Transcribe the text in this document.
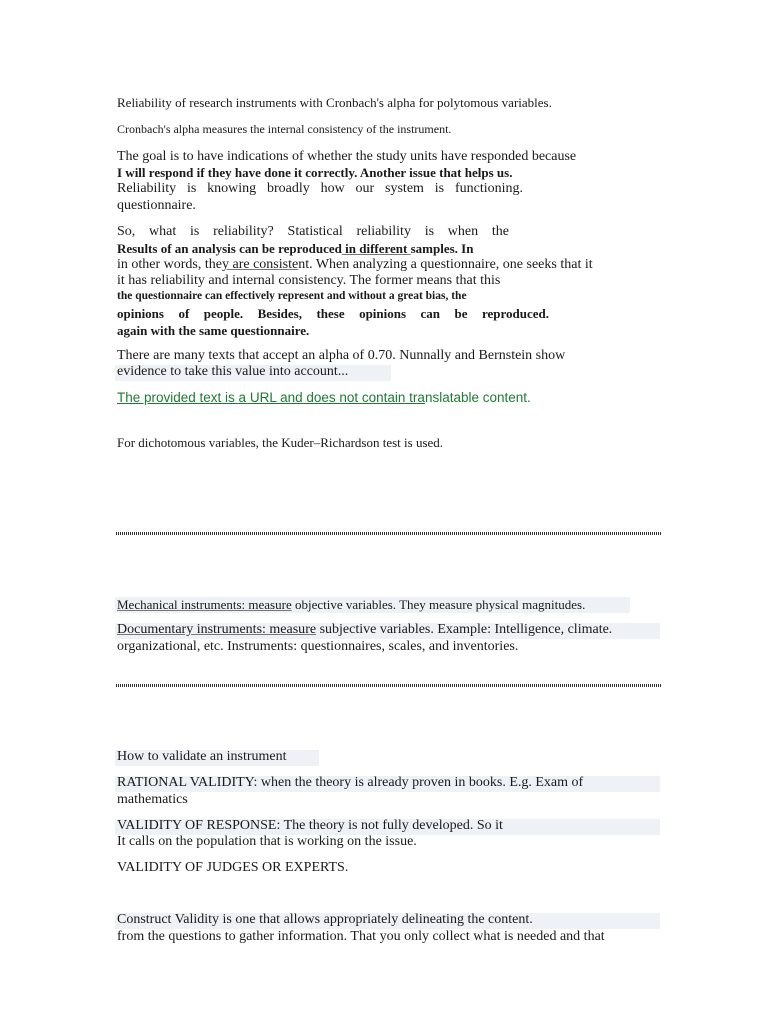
Reliability of research instruments with Cronbach's alpha for polytomous variables.
Cronbach's alpha measures the internal consistency of the instrument.
The goal is to have indications of whether the study units have responded because
I will respond if they have done it correctly. Another issue that helps us.
Reliability is knowing broadly how our system is functioning.
questionnaire.
So, what is reliability? Statistical reliability is when the
Results of an analysis can be reproduced in different samples. In
in other words, they are consistent. When analyzing a questionnaire, one seeks that it
it has reliability and internal consistency. The former means that this
the questionnaire can effectively represent and without a great bias, the
opinions of people. Besides, these opinions can be reproduced.
again with the same questionnaire.
There are many texts that accept an alpha of 0.70. Nunnally and Bernstein show
evidence to take this value into account...
The provided text is a URL and does not contain translatable content.
For dichotomous variables, the Kuder–Richardson test is used.
Mechanical instruments: measure objective variables. They measure physical magnitudes.
Documentary instruments: measure subjective variables. Example: Intelligence, climate.
organizational, etc. Instruments: questionnaires, scales, and inventories.
How to validate an instrument
RATIONAL VALIDITY: when the theory is already proven in books. E.g. Exam of
mathematics
VALIDITY OF RESPONSE: The theory is not fully developed. So it
It calls on the population that is working on the issue.
VALIDITY OF JUDGES OR EXPERTS.
Construct Validity is one that allows appropriately delineating the content.
from the questions to gather information. That you only collect what is needed and that
